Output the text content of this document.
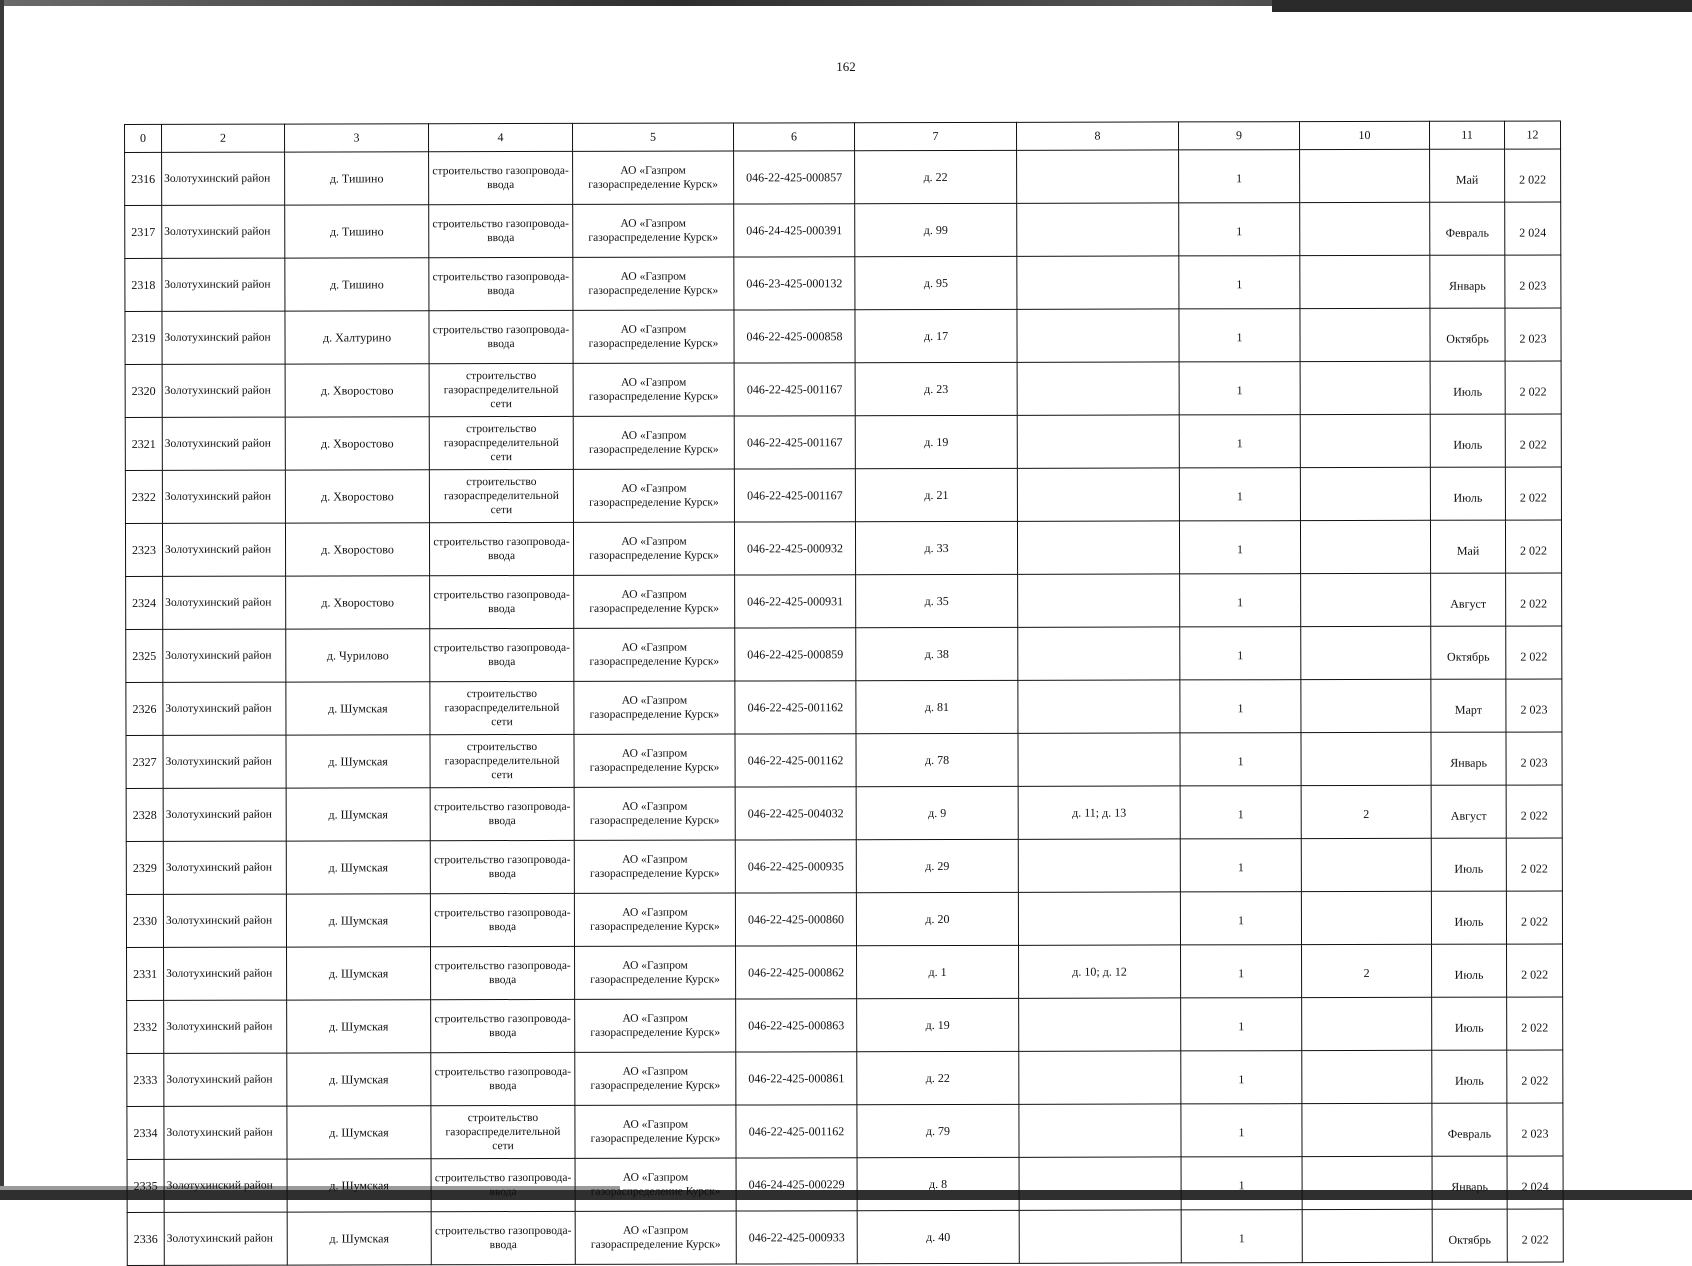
162
0	2	3	4	5	6	7	8	9	10	11	12
2316	Золотухинский район	д. Тишино	строительство газопровода-ввода	АО «Газпром газораспределение Курск»	046-22-425-000857	д. 22		1		Май	2 022
2317	Золотухинский район	д. Тишино	строительство газопровода-ввода	АО «Газпром газораспределение Курск»	046-24-425-000391	д. 99		1		Февраль	2 024
2318	Золотухинский район	д. Тишино	строительство газопровода-ввода	АО «Газпром газораспределение Курск»	046-23-425-000132	д. 95		1		Январь	2 023
2319	Золотухинский район	д. Халтурино	строительство газопровода-ввода	АО «Газпром газораспределение Курск»	046-22-425-000858	д. 17		1		Октябрь	2 023
2320	Золотухинский район	д. Хворостово	строительство газораспределительной сети	АО «Газпром газораспределение Курск»	046-22-425-001167	д. 23		1		Июль	2 022
2321	Золотухинский район	д. Хворостово	строительство газораспределительной сети	АО «Газпром газораспределение Курск»	046-22-425-001167	д. 19		1		Июль	2 022
2322	Золотухинский район	д. Хворостово	строительство газораспределительной сети	АО «Газпром газораспределение Курск»	046-22-425-001167	д. 21		1		Июль	2 022
2323	Золотухинский район	д. Хворостово	строительство газопровода-ввода	АО «Газпром газораспределение Курск»	046-22-425-000932	д. 33		1		Май	2 022
2324	Золотухинский район	д. Хворостово	строительство газопровода-ввода	АО «Газпром газораспределение Курск»	046-22-425-000931	д. 35		1		Август	2 022
2325	Золотухинский район	д. Чурилово	строительство газопровода-ввода	АО «Газпром газораспределение Курск»	046-22-425-000859	д. 38		1		Октябрь	2 022
2326	Золотухинский район	д. Шумская	строительство газораспределительной сети	АО «Газпром газораспределение Курск»	046-22-425-001162	д. 81		1		Март	2 023
2327	Золотухинский район	д. Шумская	строительство газораспределительной сети	АО «Газпром газораспределение Курск»	046-22-425-001162	д. 78		1		Январь	2 023
2328	Золотухинский район	д. Шумская	строительство газопровода-ввода	АО «Газпром газораспределение Курск»	046-22-425-004032	д. 9	д. 11; д. 13	1	2	Август	2 022
2329	Золотухинский район	д. Шумская	строительство газопровода-ввода	АО «Газпром газораспределение Курск»	046-22-425-000935	д. 29		1		Июль	2 022
2330	Золотухинский район	д. Шумская	строительство газопровода-ввода	АО «Газпром газораспределение Курск»	046-22-425-000860	д. 20		1		Июль	2 022
2331	Золотухинский район	д. Шумская	строительство газопровода-ввода	АО «Газпром газораспределение Курск»	046-22-425-000862	д. 1	д. 10; д. 12	1	2	Июль	2 022
2332	Золотухинский район	д. Шумская	строительство газопровода-ввода	АО «Газпром газораспределение Курск»	046-22-425-000863	д. 19		1		Июль	2 022
2333	Золотухинский район	д. Шумская	строительство газопровода-ввода	АО «Газпром газораспределение Курск»	046-22-425-000861	д. 22		1		Июль	2 022
2334	Золотухинский район	д. Шумская	строительство газораспределительной сети	АО «Газпром газораспределение Курск»	046-22-425-001162	д. 79		1		Февраль	2 023
2335	Золотухинский район	д. Шумская	строительство газопровода-ввода	АО «Газпром газораспределение Курск»	046-24-425-000229	д. 8		1		Январь	2 024
2336	Золотухинский район	д. Шумская	строительство газопровода-ввода	АО «Газпром газораспределение Курск»	046-22-425-000933	д. 40		1		Октябрь	2 022
